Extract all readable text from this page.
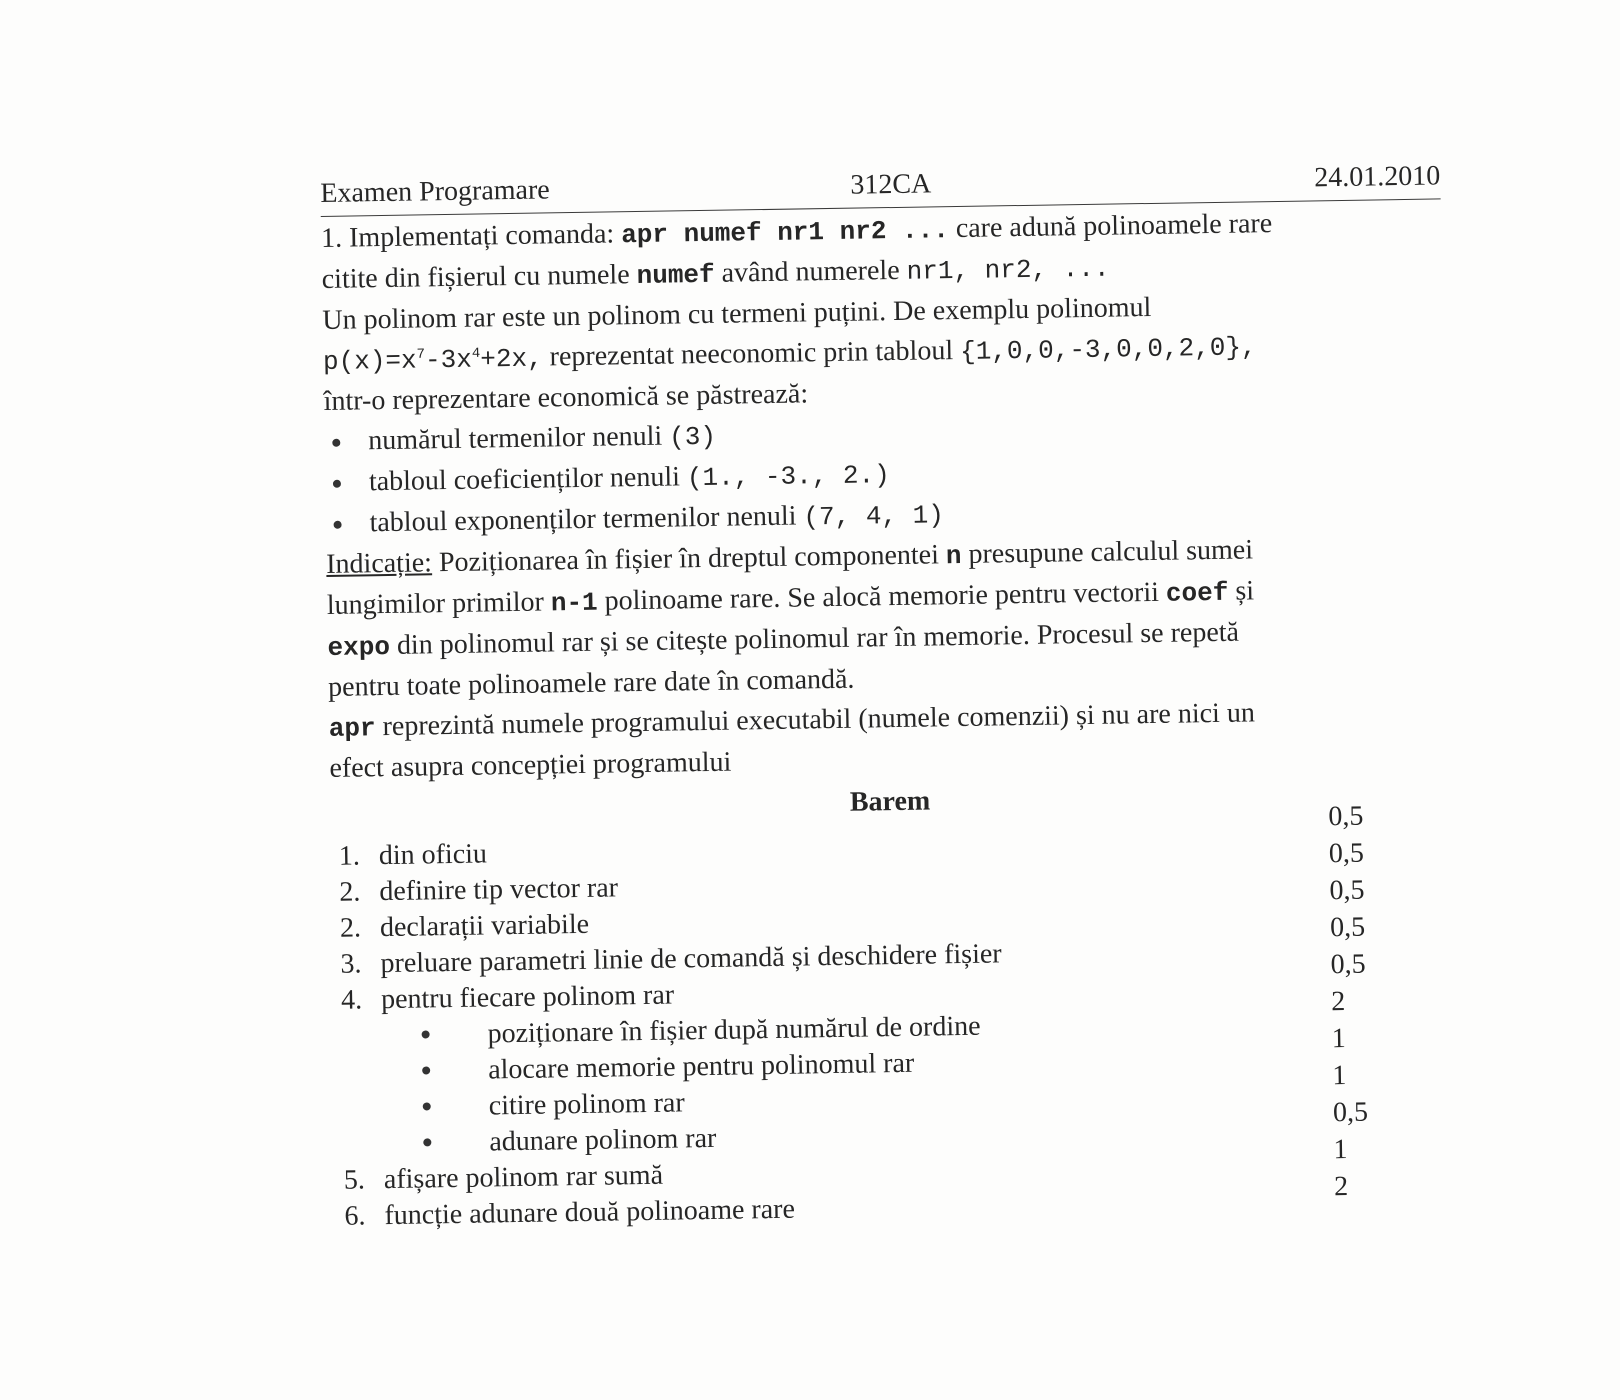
Examen Programare	312CA	24.01.2010
1. Implementați comanda: apr numef nr1 nr2 ... care adună polinoamele rare
citite din fișierul cu numele numef având numerele nr1, nr2, ...
Un polinom rar este un polinom cu termeni puțini. De exemplu polinomul
$p(x)=x^7-3x^4+2x$, reprezentat neeconomic prin tabloul {1,0,0,-3,0,0,2,0},
într-o reprezentare economică se păstrează:
numărul termenilor nenuli (3)
tabloul coeficienților nenuli (1., -3., 2.)
tabloul exponenților termenilor nenuli (7, 4, 1)
Indicație: Poziționarea în fișier în dreptul componentei n presupune calculul sumei
lungimilor primilor n-1 polinoame rare. Se alocă memorie pentru vectorii coef și
expo din polinomul rar și se citește polinomul rar în memorie. Procesul se repetă
pentru toate polinoamele rare date în comandă.
apr reprezintă numele programului executabil (numele comenzii) și nu are nici un
efect asupra concepției programului
Barem
1. din oficiu
2. definire tip vector rar
2. declarații variabile
3. preluare parametri linie de comandă și deschidere fișier
4. pentru fiecare polinom rar
poziționare în fișier după numărul de ordine
alocare memorie pentru polinomul rar
citire polinom rar
adunare polinom rar
5. afișare polinom rar sumă
6. funcție adunare două polinoame rare
0,5
0,5
0,5
0,5
0,5
2
1
1
0,5
1
2
